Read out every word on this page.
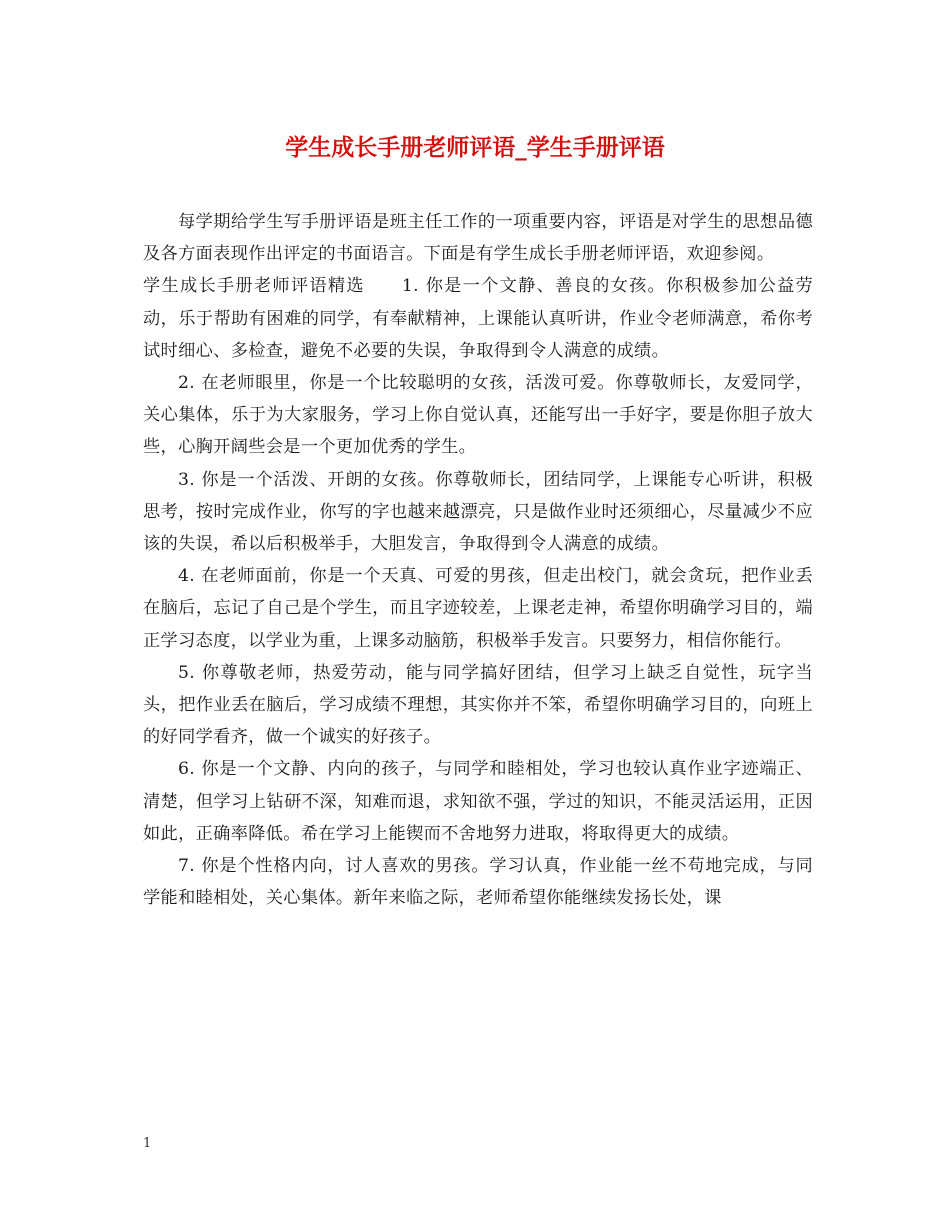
学生成长手册老师评语_学生手册评语

每学期给学生写手册评语是班主任工作的一项重要内容，评语是对学生的思想品德及各方面表现作出评定的书面语言。下面是有学生成长手册老师评语，欢迎参阅。

学生成长手册老师评语精选　　1. 你是一个文静、善良的女孩。你积极参加公益劳动，乐于帮助有困难的同学，有奉献精神，上课能认真听讲，作业令老师满意，希你考试时细心、多检查，避免不必要的失误，争取得到令人满意的成绩。

2. 在老师眼里，你是一个比较聪明的女孩，活泼可爱。你尊敬师长，友爱同学，关心集体，乐于为大家服务，学习上你自觉认真，还能写出一手好字，要是你胆子放大些，心胸开阔些会是一个更加优秀的学生。

3. 你是一个活泼、开朗的女孩。你尊敬师长，团结同学，上课能专心听讲，积极思考，按时完成作业，你写的字也越来越漂亮，只是做作业时还须细心，尽量减少不应该的失误，希以后积极举手，大胆发言，争取得到令人满意的成绩。

4. 在老师面前，你是一个天真、可爱的男孩，但走出校门，就会贪玩，把作业丢在脑后，忘记了自己是个学生，而且字迹较差，上课老走神，希望你明确学习目的，端正学习态度，以学业为重，上课多动脑筋，积极举手发言。只要努力，相信你能行。

5. 你尊敬老师，热爱劳动，能与同学搞好团结，但学习上缺乏自觉性，玩字当头，把作业丢在脑后，学习成绩不理想，其实你并不笨，希望你明确学习目的，向班上的好同学看齐，做一个诚实的好孩子。

6. 你是一个文静、内向的孩子，与同学和睦相处，学习也较认真作业字迹端正、清楚，但学习上钻研不深，知难而退，求知欲不强，学过的知识，不能灵活运用，正因如此，正确率降低。希在学习上能锲而不舍地努力进取，将取得更大的成绩。

7. 你是个性格内向，讨人喜欢的男孩。学习认真，作业能一丝不苟地完成，与同学能和睦相处，关心集体。新年来临之际，老师希望你能继续发扬长处，课

1
